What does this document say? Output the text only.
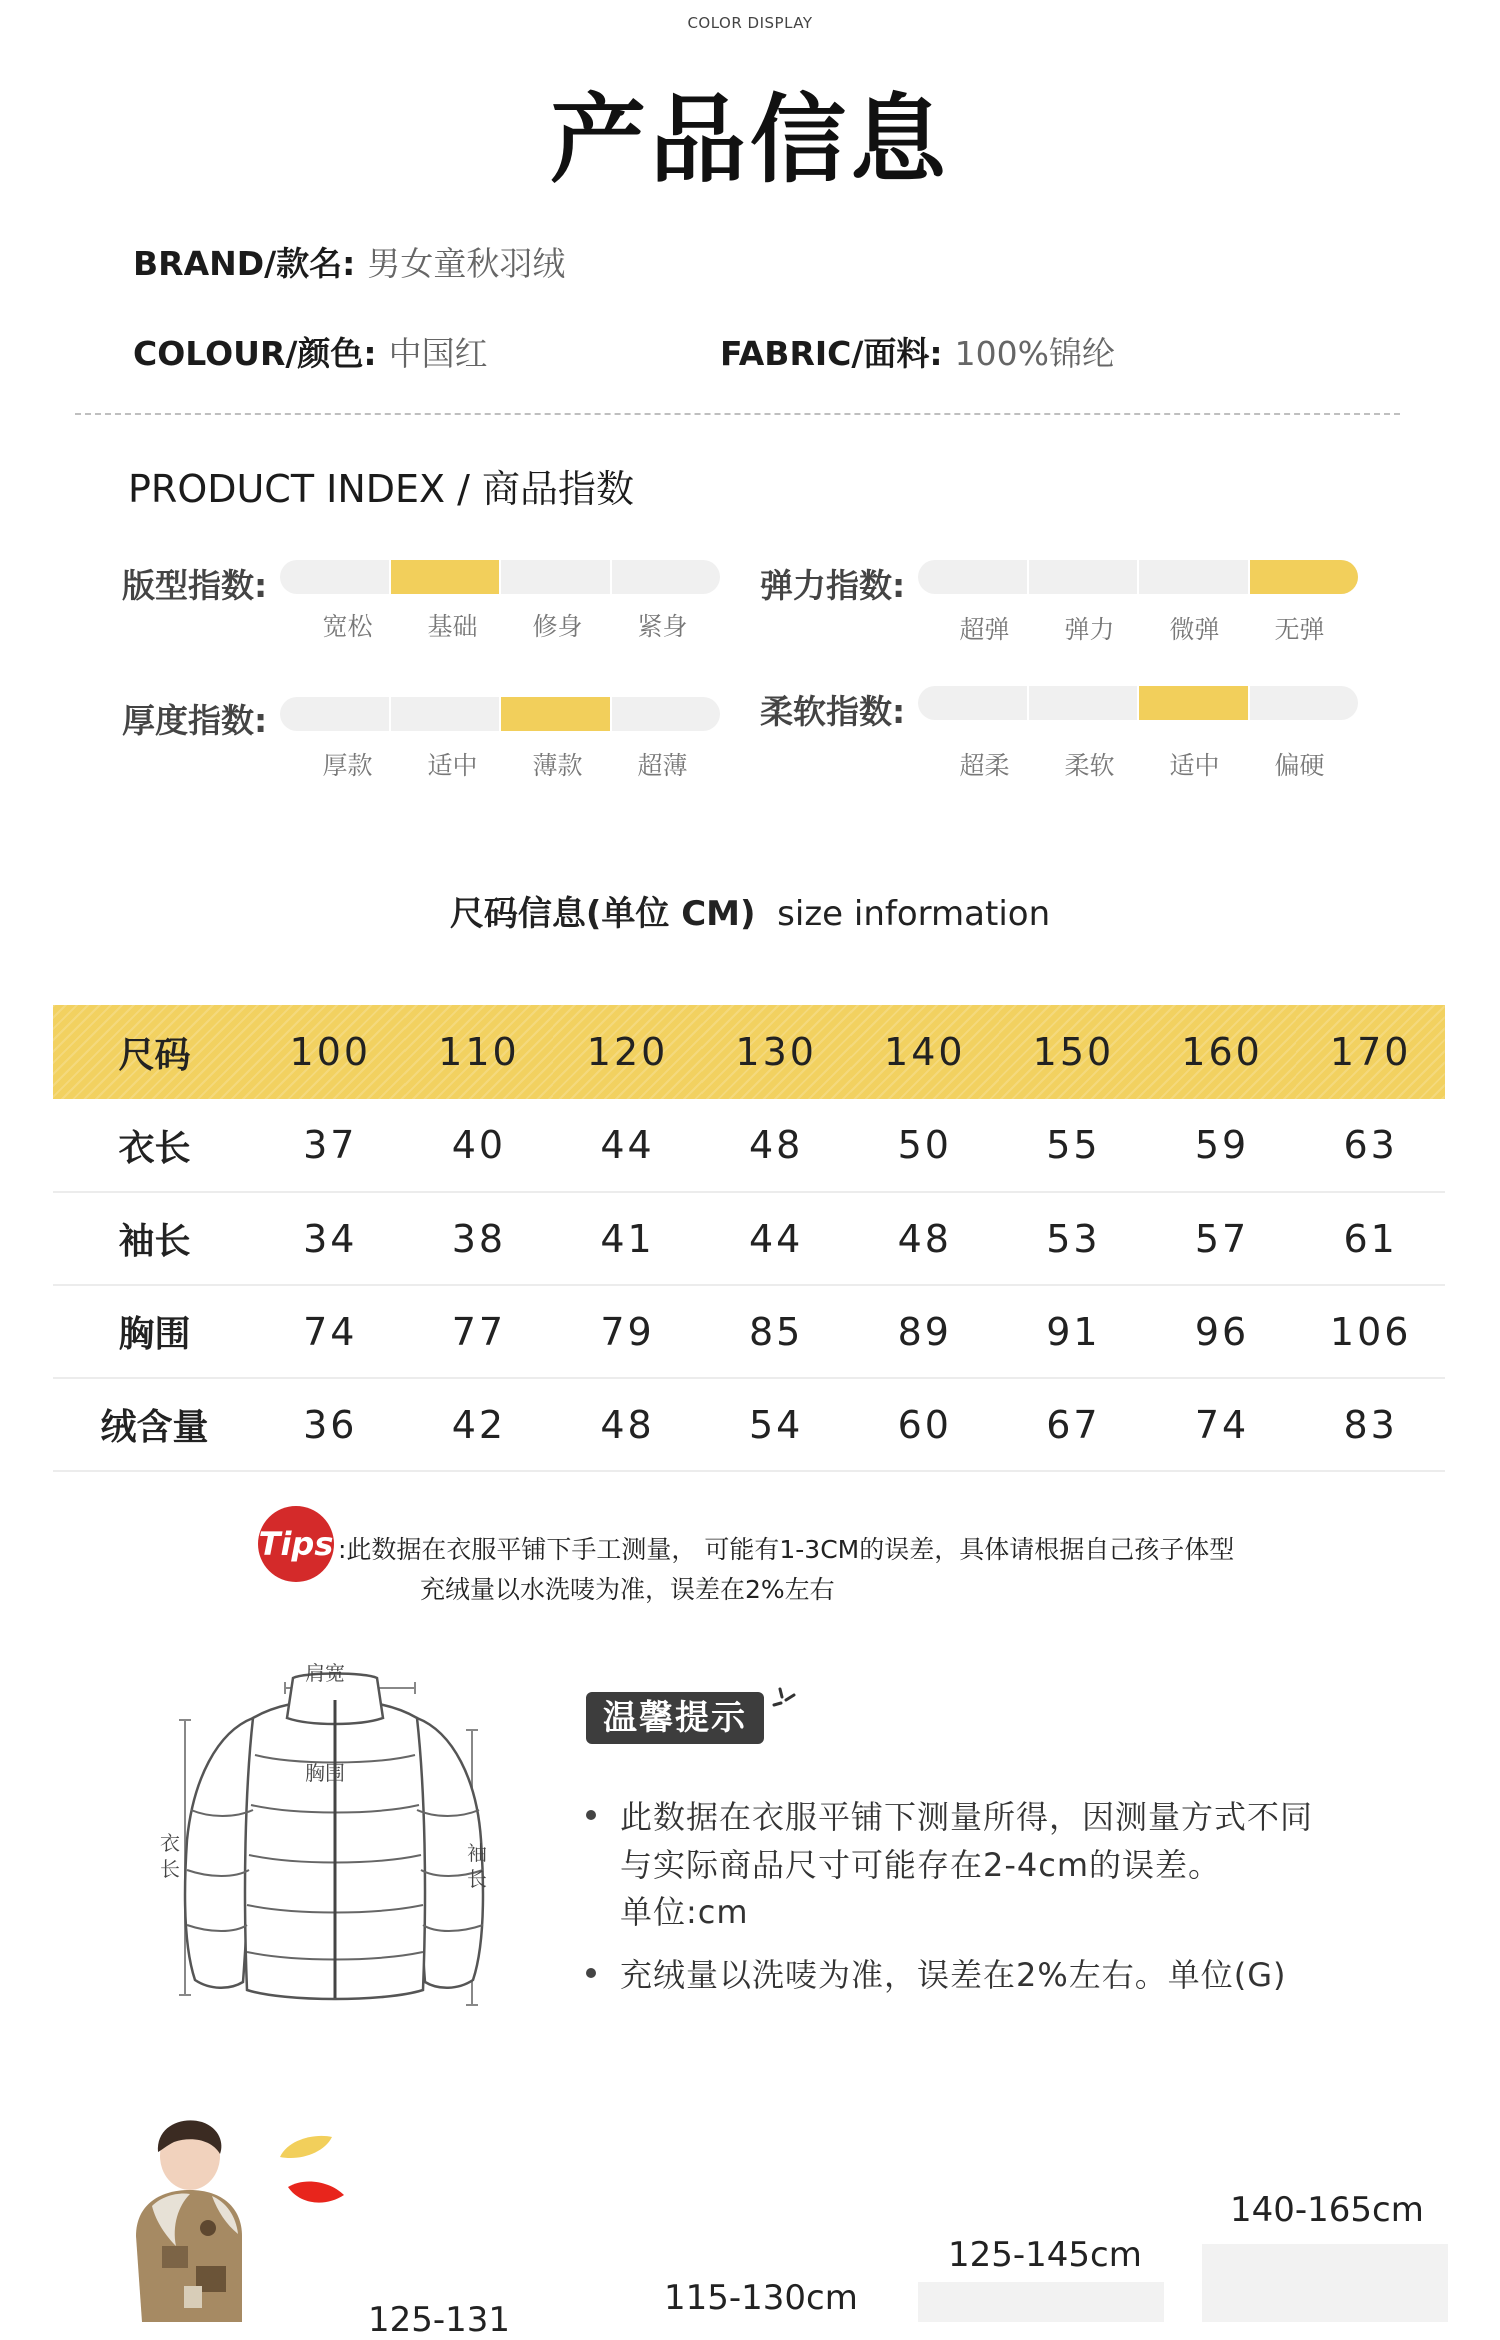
COLOR DISPLAY
产品信息
BRAND/款名: 男女童秋羽绒
COLOUR/颜色: 中国红	FABRIC/面料: 100%锦纶
PRODUCT INDEX / 商品指数
版型指数:
宽松	基础	修身	紧身
弹力指数:
超弹	弹力	微弹	无弹
厚度指数:
厚款	适中	薄款	超薄
柔软指数:
超柔	柔软	适中	偏硬
尺码信息(单位 CM) size information
尺码	100	110	120	130	140	150	160	170
衣长	37	40	44	48	50	55	59	63
袖长	34	38	41	44	48	53	57	61
胸围	74	77	79	85	89	91	96	106
绒含量	36	42	48	54	60	67	74	83
Tips :此数据在衣服平铺下手工测量， 可能有1-3CM的误差，具体请根据自己孩子体型
充绒量以水洗唛为准，误差在2%左右
肩宽
胸围
衣
长
袖
长
温馨提示
此数据在衣服平铺下测量所得，因测量方式不同
与实际商品尺寸可能存在2-4cm的误差。
单位:cm
充绒量以洗唛为准，误差在2%左右。单位(G)
125-131
115-130cm
125-145cm
140-165cm
